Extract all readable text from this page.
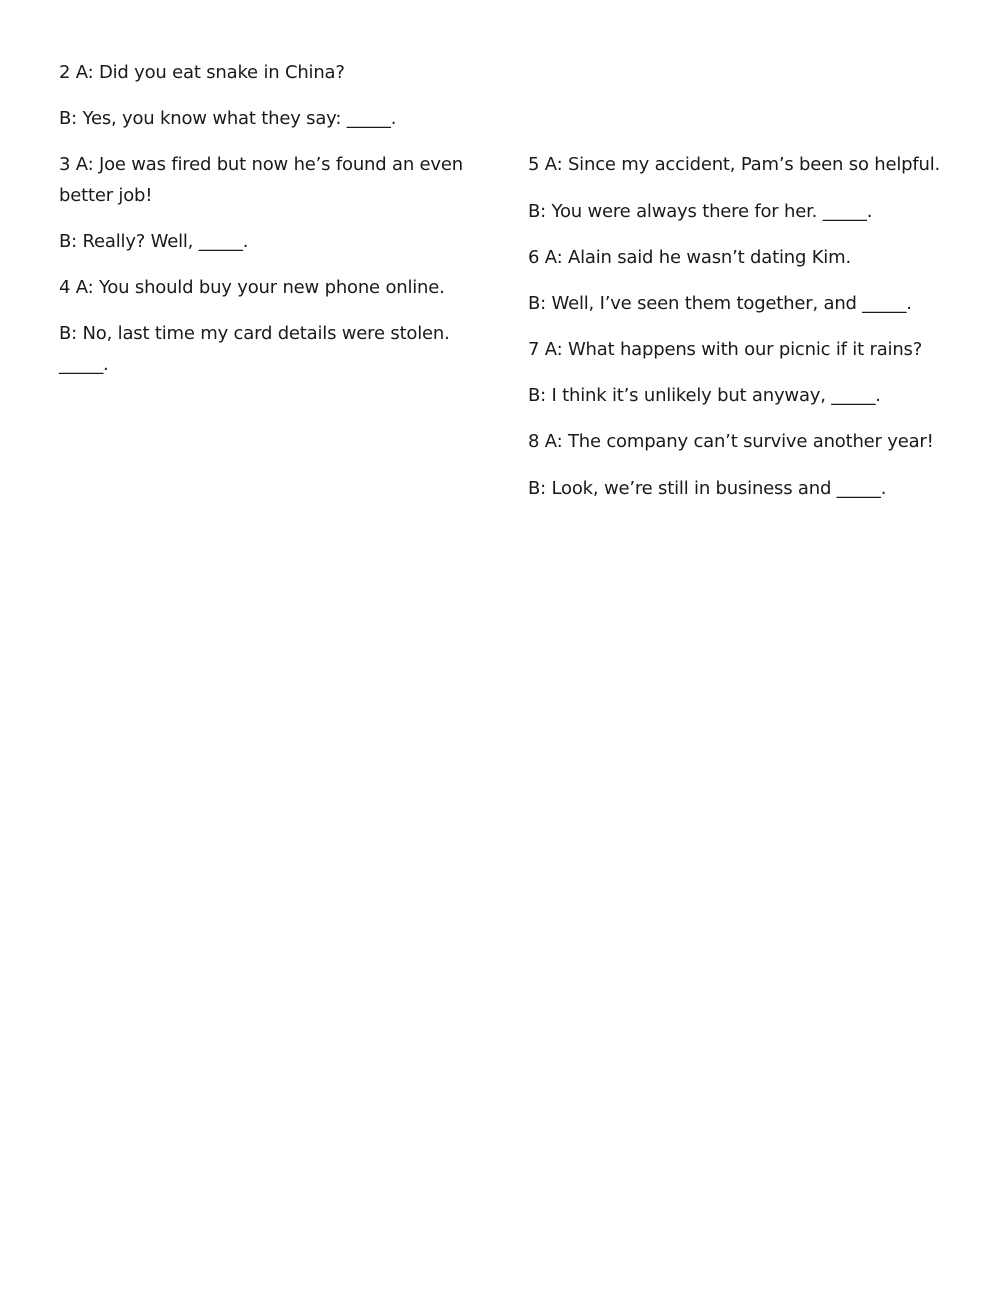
2 A: Did you eat snake in China?

B: Yes, you know what they say: _____.

3 A: Joe was fired but now he’s found an even

better job!

B: Really? Well, _____.

4 A: You should buy your new phone online.

B: No, last time my card details were stolen.

_____.

5 A: Since my accident, Pam’s been so helpful.

B: You were always there for her. _____.

6 A: Alain said he wasn’t dating Kim.

B: Well, I’ve seen them together, and _____.

7 A: What happens with our picnic if it rains?

B: I think it’s unlikely but anyway, _____.

8 A: The company can’t survive another year!

B: Look, we’re still in business and _____.
